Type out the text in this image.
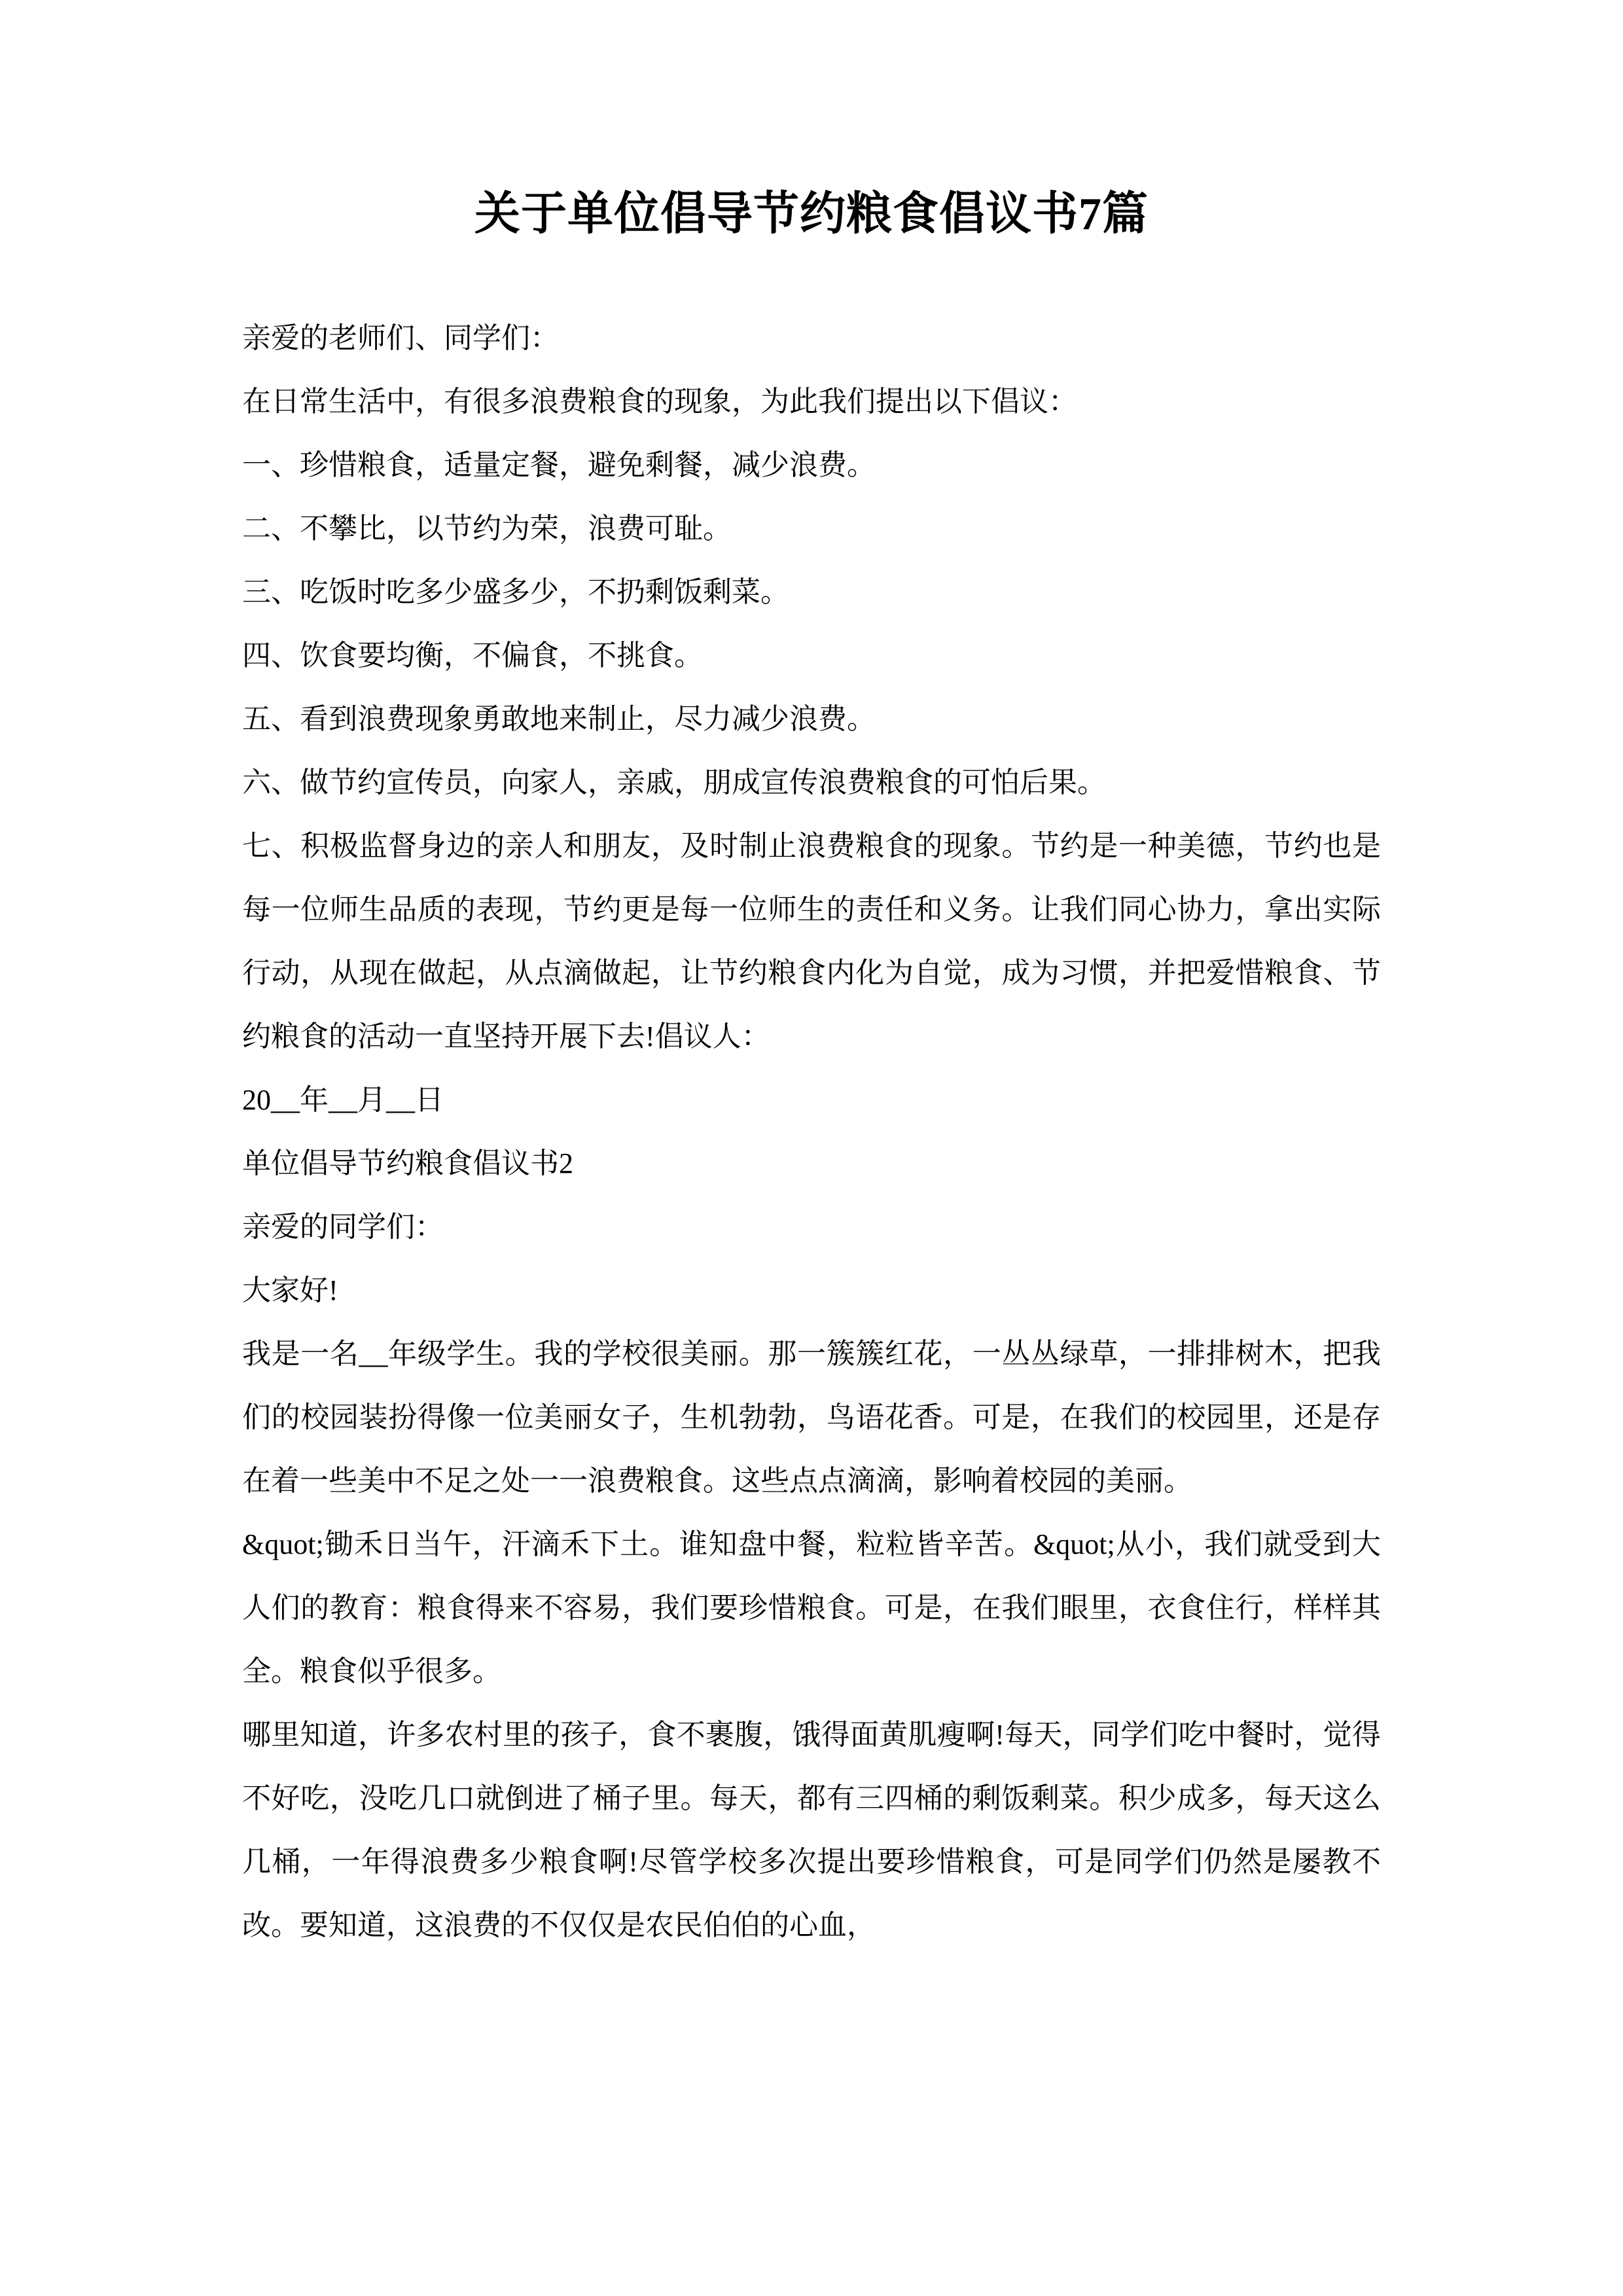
关于单位倡导节约粮食倡议书7篇

亲爱的老师们、同学们：

在日常生活中，有很多浪费粮食的现象，为此我们提出以下倡议：

一、珍惜粮食，适量定餐，避免剩餐，减少浪费。

二、不攀比，以节约为荣，浪费可耻。

三、吃饭时吃多少盛多少，不扔剩饭剩菜。

四、饮食要均衡，不偏食，不挑食。

五、看到浪费现象勇敢地来制止，尽力减少浪费。

六、做节约宣传员，向家人，亲戚，朋成宣传浪费粮食的可怕后果。

七、积极监督身边的亲人和朋友，及时制止浪费粮食的现象。节约是一种美德，节约也是每一位师生品质的表现，节约更是每一位师生的责任和义务。让我们同心协力，拿出实际行动，从现在做起，从点滴做起，让节约粮食内化为自觉，成为习惯，并把爱惜粮食、节约粮食的活动一直坚持开展下去!倡议人：

20__年__月__日

单位倡导节约粮食倡议书2

亲爱的同学们：

大家好!

我是一名__年级学生。我的学校很美丽。那一簇簇红花，一丛丛绿草，一排排树木，把我们的校园装扮得像一位美丽女子，生机勃勃，鸟语花香。可是，在我们的校园里，还是存在着一些美中不足之处一一浪费粮食。这些点点滴滴，影响着校园的美丽。

&quot;锄禾日当午，汗滴禾下土。谁知盘中餐，粒粒皆辛苦。&quot;从小，我们就受到大人们的教育：粮食得来不容易，我们要珍惜粮食。可是，在我们眼里，衣食住行，样样其全。粮食似乎很多。

哪里知道，许多农村里的孩子，食不裹腹，饿得面黄肌瘦啊!每天，同学们吃中餐时，觉得不好吃，没吃几口就倒进了桶子里。每天，都有三四桶的剩饭剩菜。积少成多，每天这么几桶，一年得浪费多少粮食啊!尽管学校多次提出要珍惜粮食，可是同学们仍然是屡教不改。要知道，这浪费的不仅仅是农民伯伯的心血，
